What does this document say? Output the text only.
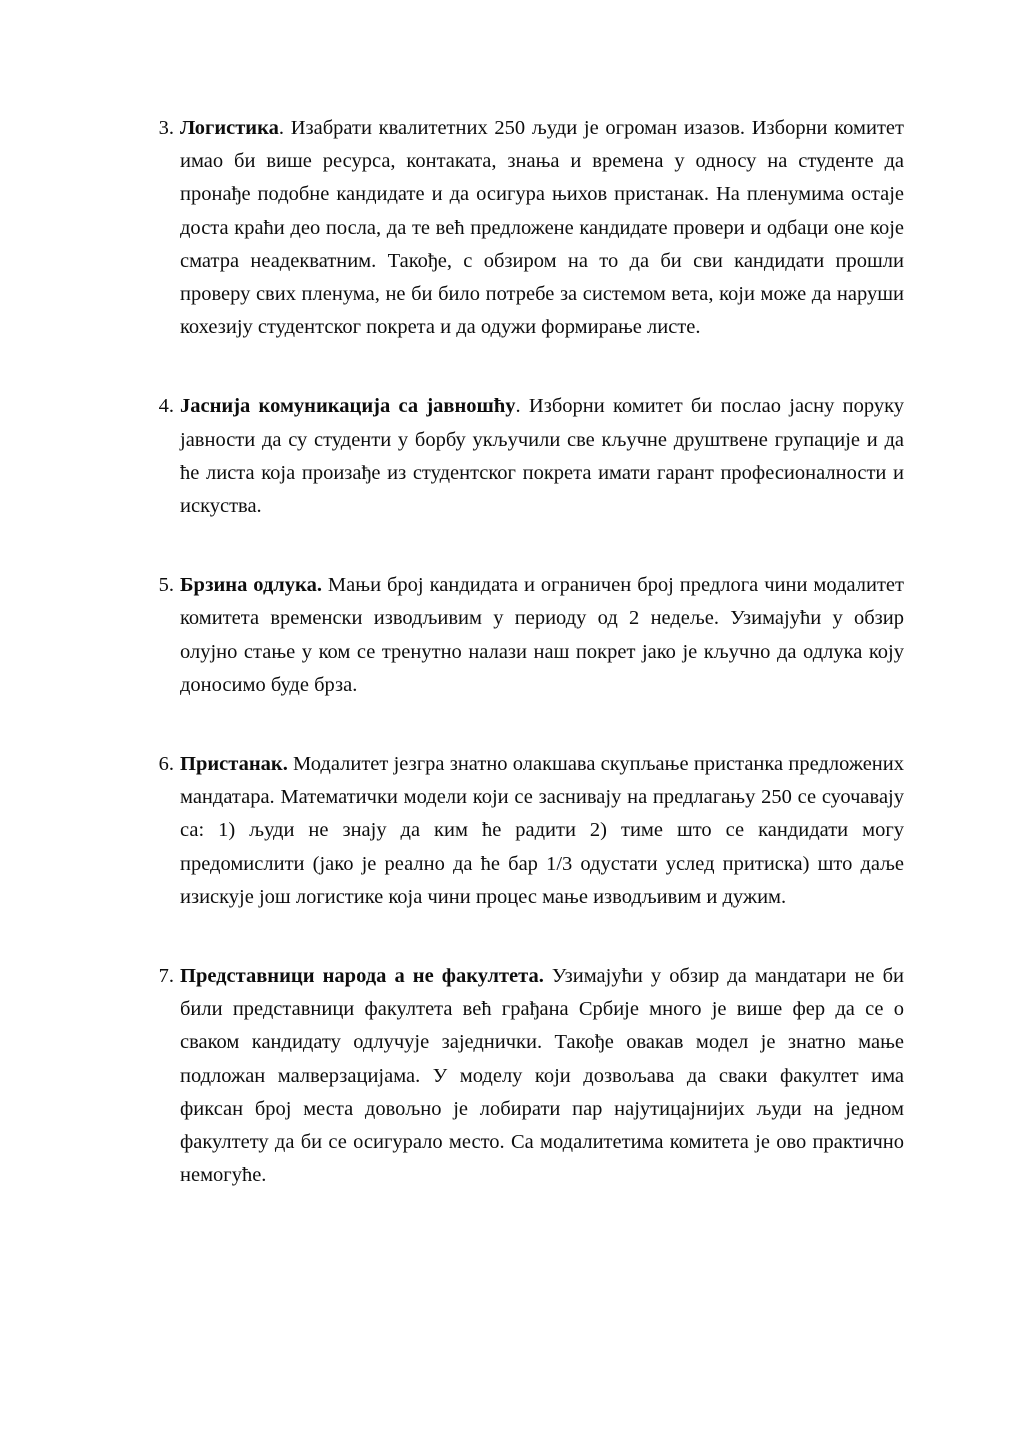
3. Логистика. Изабрати квалитетних 250 људи је огроман изазов. Изборни комитет имао би више ресурса, контаката, знања и времена у односу на студенте да пронађе подобне кандидате и да осигура њихов пристанак. На пленумима остаје доста краћи део посла, да те већ предложене кандидате провери и одбаци оне које сматра неадекватним. Такође, с обзиром на то да би сви кандидати прошли проверу свих пленума, не би било потребе за системом вета, који може да наруши кохезију студентског покрета и да одужи формирање листе.
4. Јаснија комуникација са јавношћу. Изборни комитет би послао јасну поруку јавности да су студенти у борбу укључили све кључне друштвене групације и да ће листа која произађе из студентског покрета имати гарант професионалности и искуства.
5. Брзина одлука. Мањи број кандидата и ограничен број предлога чини модалитет комитета временски изводљивим у периоду од 2 недеље. Узимајући у обзир олујно стање у ком се тренутно налази наш покрет јако је кључно да одлука коју доносимо буде брза.
6. Пристанак. Модалитет језгра знатно олакшава скупљање пристанка предложених мандатара. Математички модели који се заснивају на предлагању 250 се суочавају са: 1) људи не знају да ким ће радити 2) тиме што се кандидати могу предомислити (јако је реално да ће бар 1/3 одустати услед притиска) што даље изискује још логистике која чини процес мање изводљивим и дужим.
7. Представници народа а не факултета. Узимајући у обзир да мандатари не би били представници факултета већ грађана Србије много је више фер да се о сваком кандидату одлучује заједнички. Такође овакав модел је знатно мање подложан малверзацијама. У моделу који дозвољава да сваки факултет има фиксан број места довољно је лобирати пар најутицајнијих људи на једном факултету да би се осигурало место. Са модалитетима комитета је ово практично немогуће.
